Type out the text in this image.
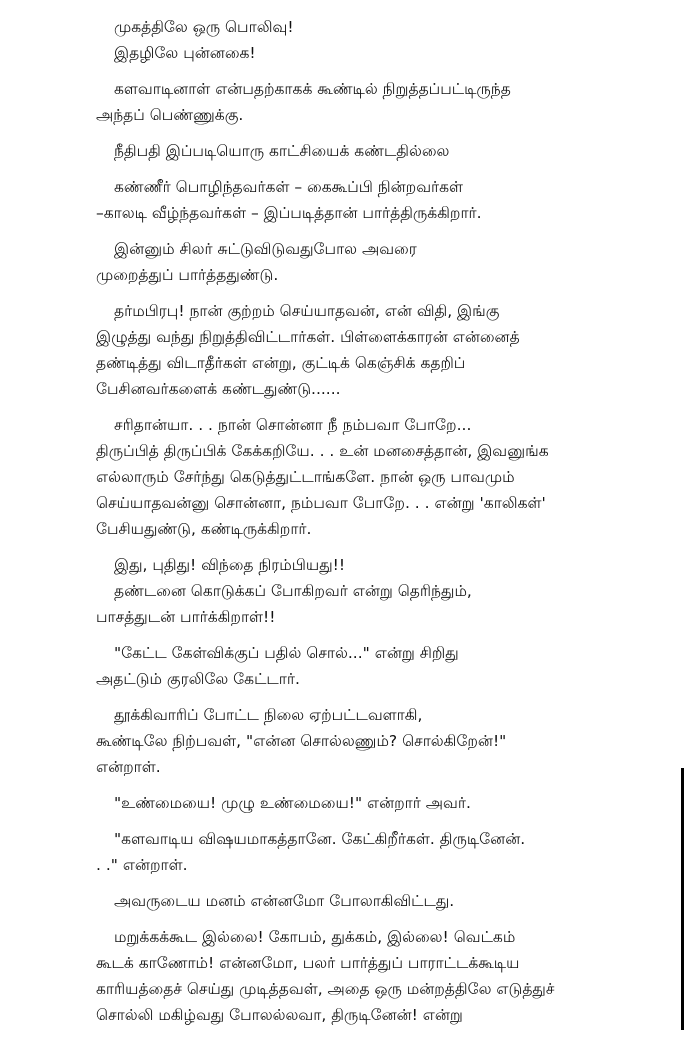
முகத்திலே ஒரு பொலிவு!
இதழிலே புன்னகை!
களவாடினாள் என்பதற்காகக் கூண்டில் நிறுத்தப்பட்டிருந்த
அந்தப் பெண்ணுக்கு.
நீதிபதி இப்படியொரு காட்சியைக் கண்டதில்லை
கண்ணீர் பொழிந்தவர்கள் – கைகூப்பி நின்றவர்கள்
–காலடி வீழ்ந்தவர்கள் – இப்படித்தான் பார்த்திருக்கிறார்.
இன்னும் சிலர் சுட்டுவிடுவதுபோல அவரை
முறைத்துப் பார்த்ததுண்டு.
தர்மபிரபு! நான் குற்றம் செய்யாதவன், என் விதி, இங்கு
இழுத்து வந்து நிறுத்திவிட்டார்கள். பிள்ளைக்காரன் என்னைத்
தண்டித்து விடாதீர்கள் என்று, குட்டிக் கெஞ்சிக் கதறிப்
பேசினவர்களைக் கண்டதுண்டு......
சரிதான்யா. . . நான் சொன்னா நீ நம்பவா போறே...
திருப்பித் திருப்பிக் கேக்கறியே. . . உன் மனசைத்தான், இவனுங்க
எல்லாரும் சேர்ந்து கெடுத்துட்டாங்களே. நான் ஒரு பாவமும்
செய்யாதவன்னு சொன்னா, நம்பவா போறே. . . என்று 'காலிகள்'
பேசியதுண்டு, கண்டிருக்கிறார்.
இது, புதிது! விந்தை நிரம்பியது!!
தண்டனை கொடுக்கப் போகிறவர் என்று தெரிந்தும்,
பாசத்துடன் பார்க்கிறாள்!!
"கேட்ட கேள்விக்குப் பதில் சொல்..." என்று சிறிது
அதட்டும் குரலிலே கேட்டார்.
தூக்கிவாரிப் போட்ட நிலை ஏற்பட்டவளாகி,
கூண்டிலே நிற்பவள், "என்ன சொல்லணும்? சொல்கிறேன்!"
என்றாள்.
"உண்மையை! முழு உண்மையை!" என்றார் அவர்.
"களவாடிய விஷயமாகத்தானே. கேட்கிறீர்கள். திருடினேன்.
. ." என்றாள்.
அவருடைய மனம் என்னமோ போலாகிவிட்டது.
மறுக்கக்கூட இல்லை! கோபம், துக்கம், இல்லை! வெட்கம்
கூடக் காணோம்! என்னமோ, பலர் பார்த்துப் பாராட்டக்கூடிய
காரியத்தைச் செய்து முடித்தவள், அதை ஒரு மன்றத்திலே எடுத்துச்
சொல்லி மகிழ்வது போலல்லவா, திருடினேன்! என்று
